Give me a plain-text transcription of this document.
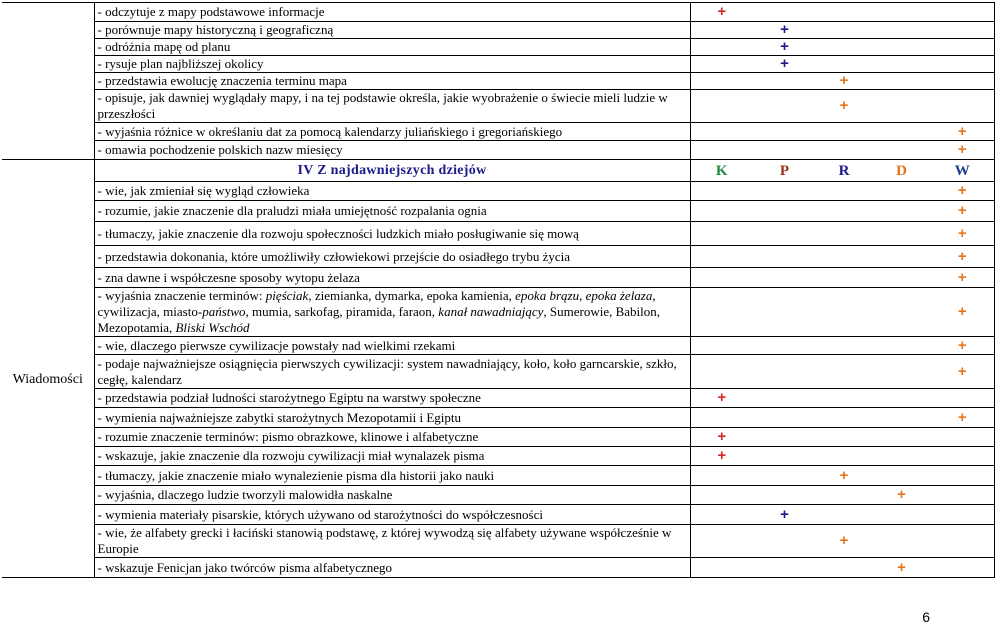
	- odczytuje z mapy podstawowe informacje	+				
	- porównuje mapy historyczną i geograficzną		+			
	- odróżnia mapę od planu		+			
	- rysuje plan najbliższej okolicy		+			
	- przedstawia ewolucję znaczenia terminu mapa			+		
	- opisuje, jak dawniej wyglądały mapy, i na tej podstawie określa, jakie wyobrażenie o świecie mieli ludzie w przeszłości			+		
	- wyjaśnia różnice w określaniu dat za pomocą kalendarzy juliańskiego i gregoriańskiego					+
	- omawia pochodzenie polskich nazw miesięcy					+
Wiadomości	IV Z najdawniejszych dziejów	K	P	R	D	W
	- wie, jak zmieniał się wygląd człowieka					+
	- rozumie, jakie znaczenie dla praludzi miała umiejętność rozpalania ognia					+
	- tłumaczy, jakie znaczenie dla rozwoju społeczności ludzkich miało posługiwanie się mową					+
	- przedstawia dokonania, które umożliwiły człowiekowi przejście do osiadłego trybu życia					+
	- zna dawne i współczesne sposoby wytopu żelaza					+
	- wyjaśnia znaczenie terminów: pięściak, ziemianka, dymarka, epoka kamienia, epoka brązu, epoka żelaza, cywilizacja, miasto-państwo, mumia, sarkofag, piramida, faraon, kanał nawadniający, Sumerowie, Babilon, Mezopotamia, Bliski Wschód					+
	- wie, dlaczego pierwsze cywilizacje powstały nad wielkimi rzekami					+
	- podaje najważniejsze osiągnięcia pierwszych cywilizacji: system nawadniający, koło, koło garncarskie, szkło, cegłę, kalendarz					+
	- przedstawia podział ludności starożytnego Egiptu na warstwy społeczne	+				
	- wymienia najważniejsze zabytki starożytnych Mezopotamii i Egiptu					+
	- rozumie znaczenie terminów: pismo obrazkowe, klinowe i alfabetyczne	+				
	- wskazuje, jakie znaczenie dla rozwoju cywilizacji miał wynalazek pisma	+				
	- tłumaczy, jakie znaczenie miało wynalezienie pisma dla historii jako nauki			+		
	- wyjaśnia, dlaczego ludzie tworzyli malowidła naskalne				+	
	- wymienia materiały pisarskie, których używano od starożytności do współczesności		+			
	- wie, że alfabety grecki i łaciński stanowią podstawę, z której wywodzą się alfabety używane współcześnie w Europie			+		
	- wskazuje Fenicjan jako twórców pisma alfabetycznego				+	
6
